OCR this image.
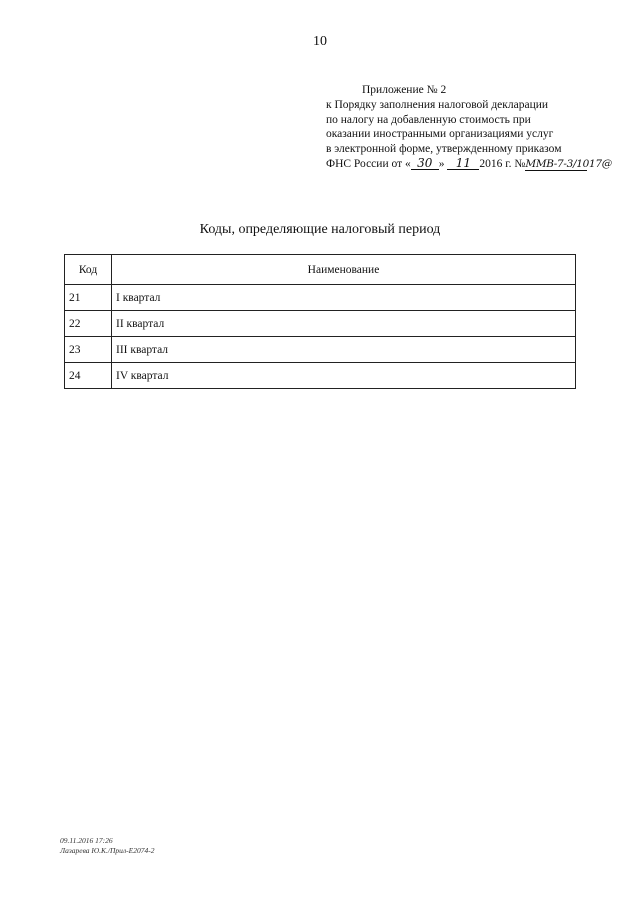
10
Приложение № 2
к Порядку заполнения налоговой декларации
по налогу на добавленную стоимость при
оказании иностранными организациями услуг
в электронной форме, утвержденному приказом
ФНС России от « 30 » 11 2016 г. №ММВ-7-3/1017@
Коды, определяющие налоговый период
Код	Наименование
21	I квартал
22	II квартал
23	III квартал
24	IV квартал
09.11.2016 17:26
Лазарева Ю.К./Прил-Е2074-2
